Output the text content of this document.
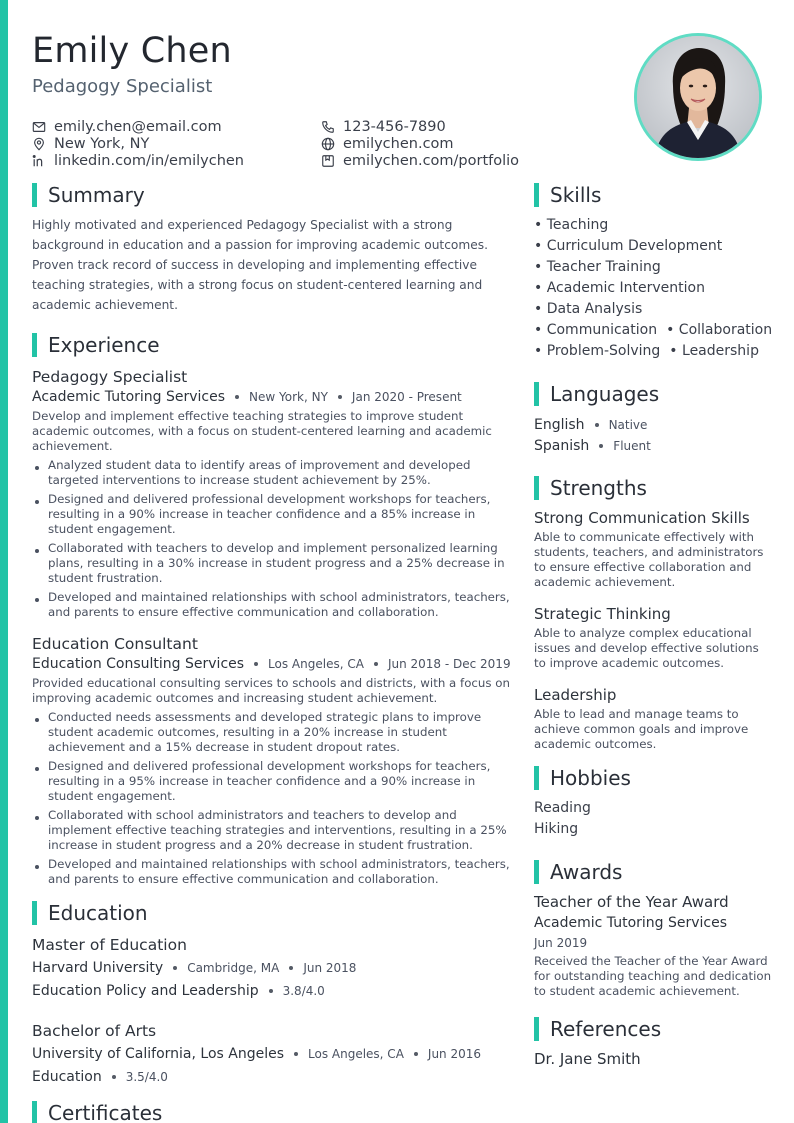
Emily Chen
Pedagogy Specialist
emily.chen@email.com	123-456-7890
New York, NY	emilychen.com
linkedin.com/in/emilychen	emilychen.com/portfolio
Summary

Highly motivated and experienced Pedagogy Specialist with a strong background in education and a passion for improving academic outcomes. Proven track record of success in developing and implementing effective teaching strategies, with a strong focus on student-centered learning and academic achievement.

Experience
Pedagogy Specialist
Academic Tutoring Services New York, NY Jan 2020 - Present

Develop and implement effective teaching strategies to improve student academic outcomes, with a focus on student-centered learning and academic achievement.

Analyzed student data to identify areas of improvement and developed targeted interventions to increase student achievement by 25%.
Designed and delivered professional development workshops for teachers, resulting in a 90% increase in teacher confidence and a 85% increase in student engagement.
Collaborated with teachers to develop and implement personalized learning plans, resulting in a 30% increase in student progress and a 25% decrease in student frustration.
Developed and maintained relationships with school administrators, teachers, and parents to ensure effective communication and collaboration.
Education Consultant
Education Consulting Services Los Angeles, CA Jun 2018 - Dec 2019

Provided educational consulting services to schools and districts, with a focus on improving academic outcomes and increasing student achievement.

Conducted needs assessments and developed strategic plans to improve student academic outcomes, resulting in a 20% increase in student achievement and a 15% decrease in student dropout rates.
Designed and delivered professional development workshops for teachers, resulting in a 95% increase in teacher confidence and a 90% increase in student engagement.
Collaborated with school administrators and teachers to develop and implement effective teaching strategies and interventions, resulting in a 25% increase in student progress and a 20% decrease in student frustration.
Developed and maintained relationships with school administrators, teachers, and parents to ensure effective communication and collaboration.
Education
Master of Education
Harvard University Cambridge, MA Jun 2018
Education Policy and Leadership 3.8/4.0
Bachelor of Arts
University of California, Los Angeles Los Angeles, CA Jun 2016
Education 3.5/4.0
Certificates
Skills
• Teaching
• Curriculum Development
• Teacher Training
• Academic Intervention
• Data Analysis
• Communication	• Collaboration
• Problem-Solving	• Leadership
Languages
English Native
Spanish Fluent
Strengths
Strong Communication Skills
Able to communicate effectively with students, teachers, and administrators to ensure effective collaboration and academic achievement.
Strategic Thinking
Able to analyze complex educational issues and develop effective solutions to improve academic outcomes.
Leadership
Able to lead and manage teams to achieve common goals and improve academic outcomes.
Hobbies
Reading
Hiking
Awards
Teacher of the Year Award
Academic Tutoring Services
Jun 2019
Received the Teacher of the Year Award for outstanding teaching and dedication to student academic achievement.
References
Dr. Jane Smith
